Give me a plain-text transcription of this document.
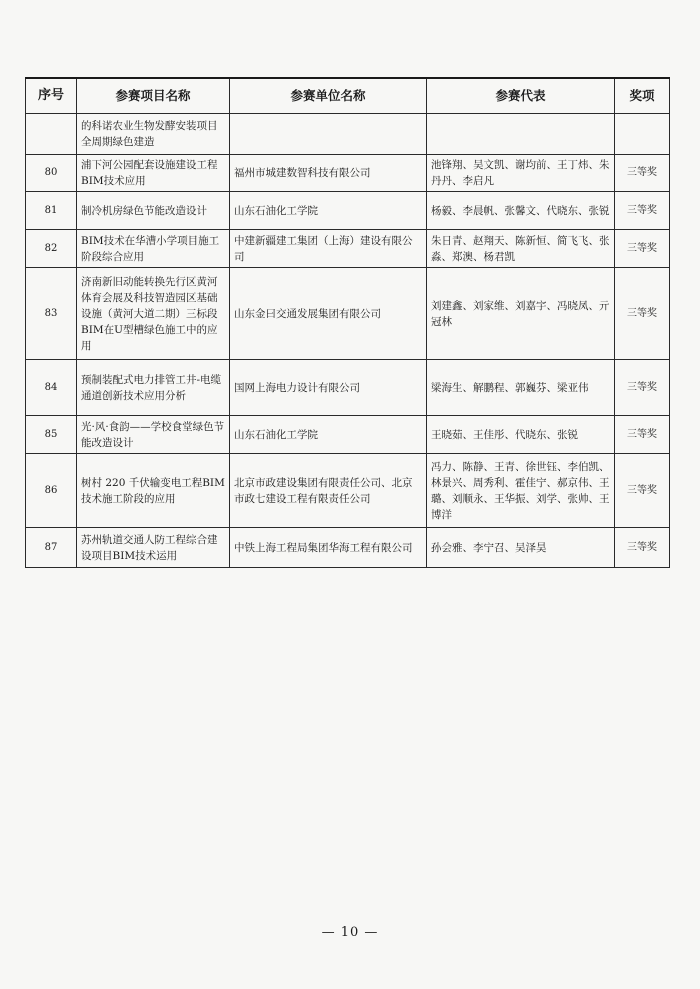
序号	参赛项目名称	参赛单位名称	参赛代表	奖项
	的科诺农业生物发酵安装项目全周期绿色建造			
80	浦下河公园配套设施建设工程BIM技术应用	福州市城建数智科技有限公司	池锋翔、吴文凯、谢均前、王丁炜、朱丹丹、李启凡	三等奖
81	制冷机房绿色节能改造设计	山东石油化工学院	杨毅、李晨帆、张馨文、代晓东、张锐	三等奖
82	BIM技术在华漕小学项目施工阶段综合应用	中建新疆建工集团（上海）建设有限公司	朱日青、赵翔天、陈新恒、简飞飞、张淼、郑澳、杨君凯	三等奖
83	济南新旧动能转换先行区黄河体育会展及科技智造园区基础设施（黄河大道二期）三标段BIM在U型槽绿色施工中的应用	山东金曰交通发展集团有限公司	刘建鑫、刘家维、刘嘉宇、冯晓凤、亓冠林	三等奖
84	预制装配式电力排管工井-电缆通道创新技术应用分析	国网上海电力设计有限公司	梁海生、解鹏程、郭巍芬、梁亚伟	三等奖
85	光·风·食韵——学校食堂绿色节能改造设计	山东石油化工学院	王晓茹、王佳彤、代晓东、张锐	三等奖
86	树村 220 千伏输变电工程BIM技术施工阶段的应用	北京市政建设集团有限责任公司、北京市政七建设工程有限责任公司	冯力、陈静、王青、徐世钰、李伯凯、林景兴、周秀利、霍佳宁、郝京伟、王璐、刘顺永、王华振、刘学、张帅、王博洋	三等奖
87	苏州轨道交通人防工程综合建设项目BIM技术运用	中铁上海工程局集团华海工程有限公司	孙会雅、李宁召、吴泽昊	三等奖
— 10 —
